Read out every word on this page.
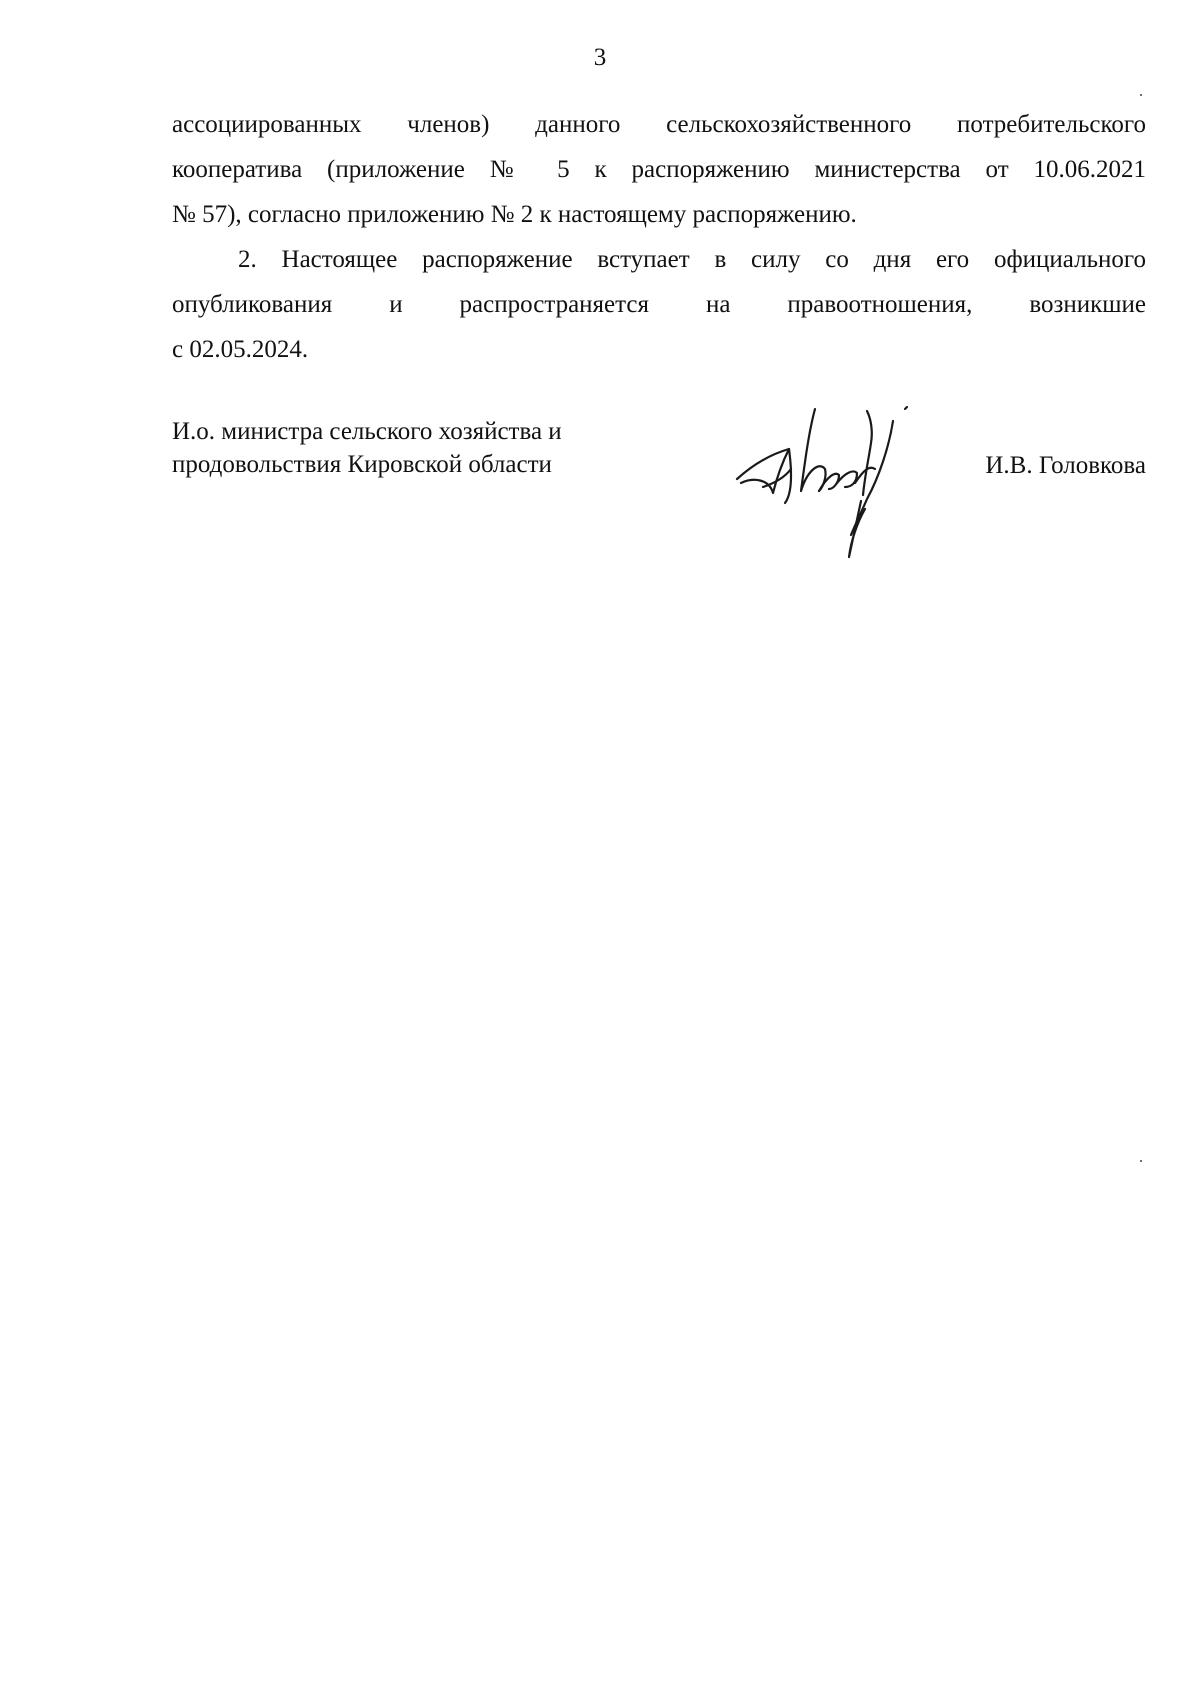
3
ассоциированных членов) данного сельскохозяйственного потребительского
кооператива (приложение № 5 к распоряжению министерства от 10.06.2021
№ 57), согласно приложению № 2 к настоящему распоряжению.
2. Настоящее распоряжение вступает в силу со дня его официального
опубликования и распространяется на правоотношения, возникшие
с 02.05.2024.
И.о. министра сельского хозяйства и
продовольствия Кировской области	И.В. Головкова
